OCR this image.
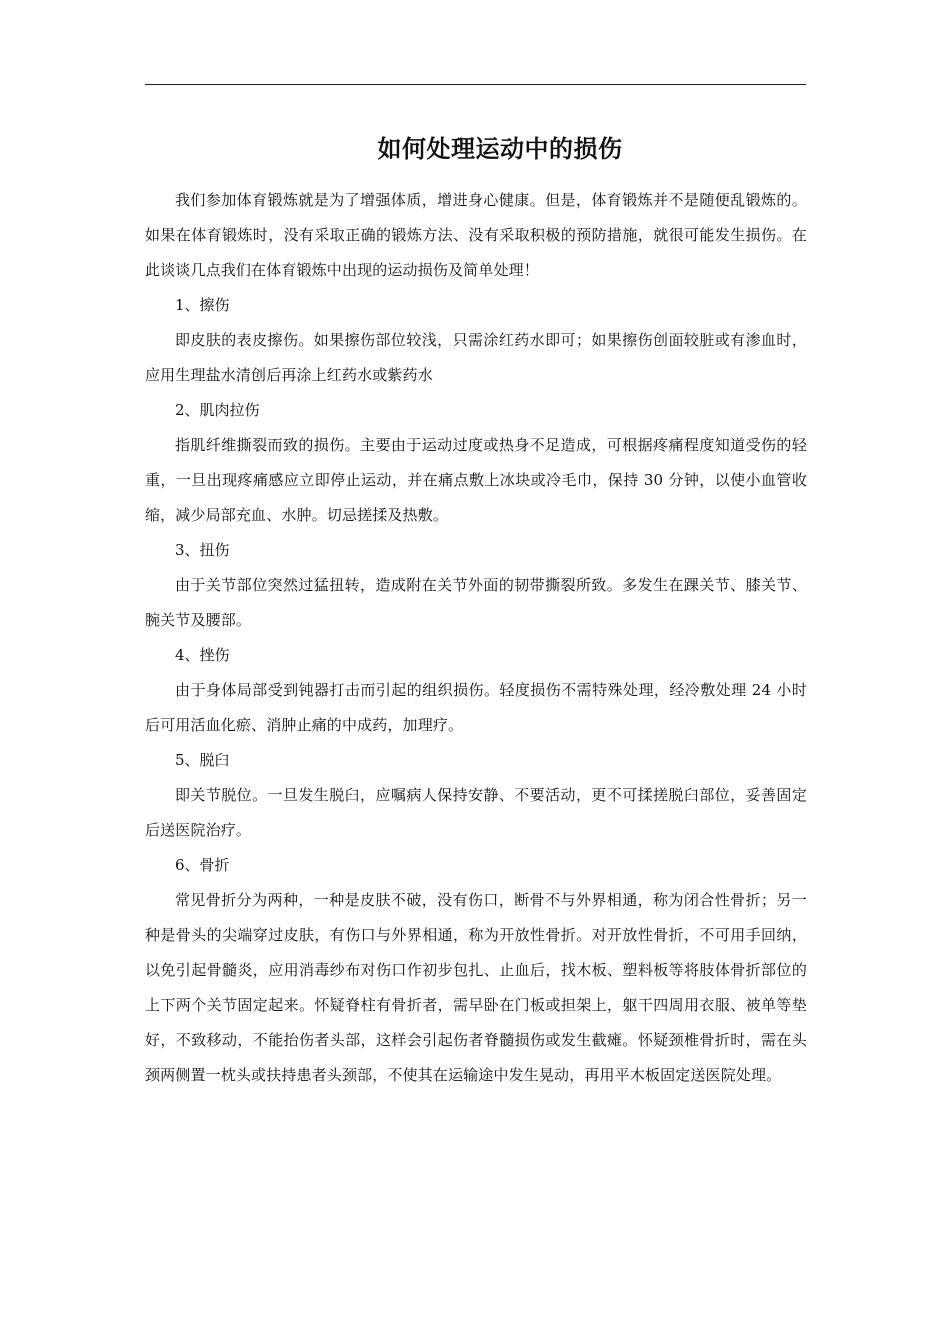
如何处理运动中的损伤

我们参加体育锻炼就是为了增强体质，增进身心健康。但是，体育锻炼并不是随便乱锻炼的。如果在体育锻炼时，没有采取正确的锻炼方法、没有采取积极的预防措施，就很可能发生损伤。在此谈谈几点我们在体育锻炼中出现的运动损伤及简单处理！

1、擦伤

即皮肤的表皮擦伤。如果擦伤部位较浅，只需涂红药水即可；如果擦伤创面较脏或有渗血时，应用生理盐水清创后再涂上红药水或紫药水

2、肌肉拉伤

指肌纤维撕裂而致的损伤。主要由于运动过度或热身不足造成，可根据疼痛程度知道受伤的轻重，一旦出现疼痛感应立即停止运动，并在痛点敷上冰块或冷毛巾，保持 30 分钟，以使小血管收缩，减少局部充血、水肿。切忌搓揉及热敷。

3、扭伤

由于关节部位突然过猛扭转，造成附在关节外面的韧带撕裂所致。多发生在踝关节、膝关节、腕关节及腰部。

4、挫伤

由于身体局部受到钝器打击而引起的组织损伤。轻度损伤不需特殊处理，经冷敷处理 24 小时后可用活血化瘀、消肿止痛的中成药，加理疗。

5、脱臼

即关节脱位。一旦发生脱臼，应嘱病人保持安静、不要活动，更不可揉搓脱臼部位，妥善固定后送医院治疗。

6、骨折

常见骨折分为两种，一种是皮肤不破，没有伤口，断骨不与外界相通，称为闭合性骨折；另一种是骨头的尖端穿过皮肤，有伤口与外界相通，称为开放性骨折。对开放性骨折，不可用手回纳，以免引起骨髓炎，应用消毒纱布对伤口作初步包扎、止血后，找木板、塑料板等将肢体骨折部位的上下两个关节固定起来。怀疑脊柱有骨折者，需早卧在门板或担架上，躯干四周用衣服、被单等垫好，不致移动，不能抬伤者头部，这样会引起伤者脊髓损伤或发生截瘫。怀疑颈椎骨折时，需在头颈两侧置一枕头或扶持患者头颈部，不使其在运输途中发生晃动，再用平木板固定送医院处理。
